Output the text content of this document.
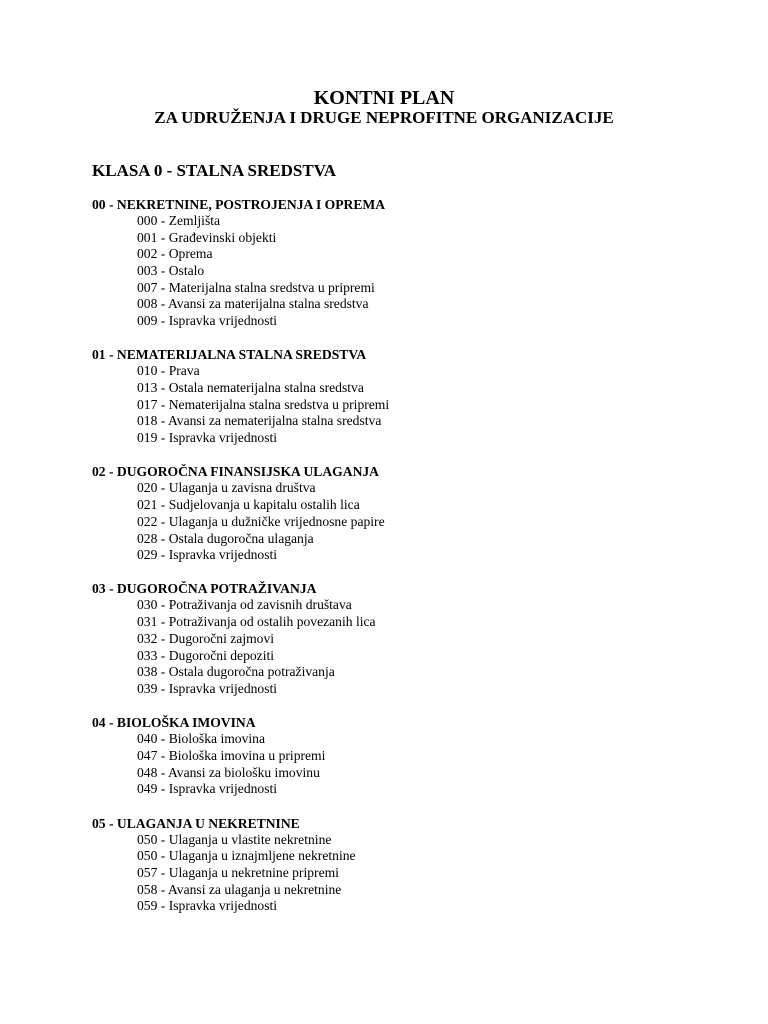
KONTNI PLAN
ZA UDRUŽENJA I DRUGE NEPROFITNE ORGANIZACIJE
KLASA 0 - STALNA SREDSTVA
00 - NEKRETNINE, POSTROJENJA I OPREMA
000 - Zemljišta
001 - Građevinski objekti
002 - Oprema
003 - Ostalo
007 - Materijalna stalna sredstva u pripremi
008 - Avansi za materijalna stalna sredstva
009 - Ispravka vrijednosti
01 - NEMATERIJALNA STALNA SREDSTVA
010 - Prava
013 - Ostala nematerijalna stalna sredstva
017 - Nematerijalna stalna sredstva u pripremi
018 - Avansi za nematerijalna stalna sredstva
019 - Ispravka vrijednosti
02 - DUGOROČNA FINANSIJSKA ULAGANJA
020 - Ulaganja u zavisna društva
021 - Sudjelovanja u kapitalu ostalih lica
022 - Ulaganja u dužničke vrijednosne papire
028 - Ostala dugoročna ulaganja
029 - Ispravka vrijednosti
03 - DUGOROČNA POTRAŽIVANJA
030 - Potraživanja od zavisnih društava
031 - Potraživanja od ostalih povezanih lica
032 - Dugoročni zajmovi
033 - Dugoročni depoziti
038 - Ostala dugoročna potraživanja
039 - Ispravka vrijednosti
04 - BIOLOŠKA IMOVINA
040 - Biološka imovina
047 - Biološka imovina u pripremi
048 - Avansi za biološku imovinu
049 - Ispravka vrijednosti
05 - ULAGANJA U NEKRETNINE
050 - Ulaganja u vlastite nekretnine
050 - Ulaganja u iznajmljene nekretnine
057 - Ulaganja u nekretnine pripremi
058 - Avansi za ulaganja u nekretnine
059 - Ispravka vrijednosti
